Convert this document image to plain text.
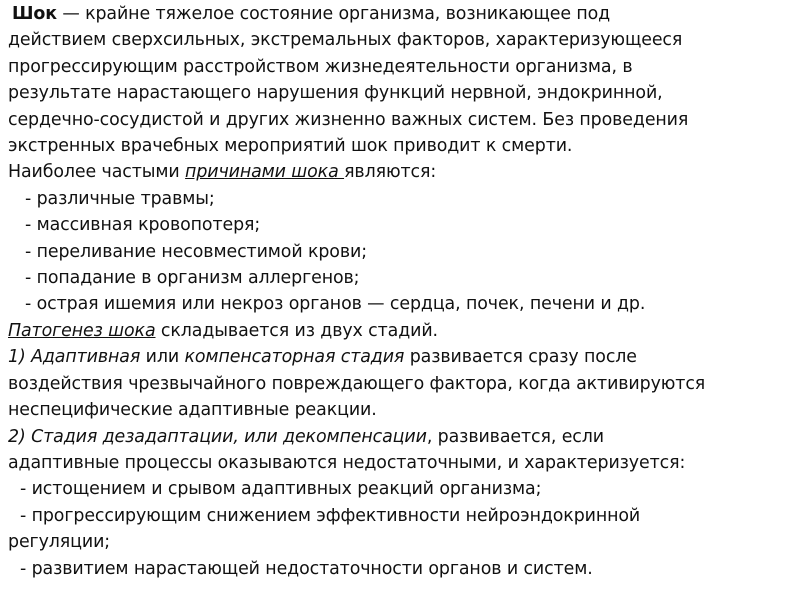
Шок — крайне тяжелое состояние организма, возникающее под
действием сверхсильных, экстремальных факторов, характеризующееся
прогрессирующим расстройством жизнедеятельности организма, в
результате нарастающего нарушения функций нервной, эндокринной,
сердечно-сосудистой и других жизненно важных систем. Без проведения
экстренных врачебных мероприятий шок приводит к смерти.
Наиболее частыми причинами шока являются:
- различные травмы;
- массивная кровопотеря;
- переливание несовместимой крови;
- попадание в организм аллергенов;
- острая ишемия или некроз органов — сердца, почек, печени и др.
Патогенез шока складывается из двух стадий.
1) Адаптивная или компенсаторная стадия развивается сразу после
воздействия чрезвычайного повреждающего фактора, когда активируются
неспецифические адаптивные реакции.
2) Стадия дезадаптации, или декомпенсации, развивается, если
адаптивные процессы оказываются недостаточными, и характеризуется:
- истощением и срывом адаптивных реакций организма;
- прогрессирующим снижением эффективности нейроэндокринной
регуляции;
- развитием нарастающей недостаточности органов и систем.
